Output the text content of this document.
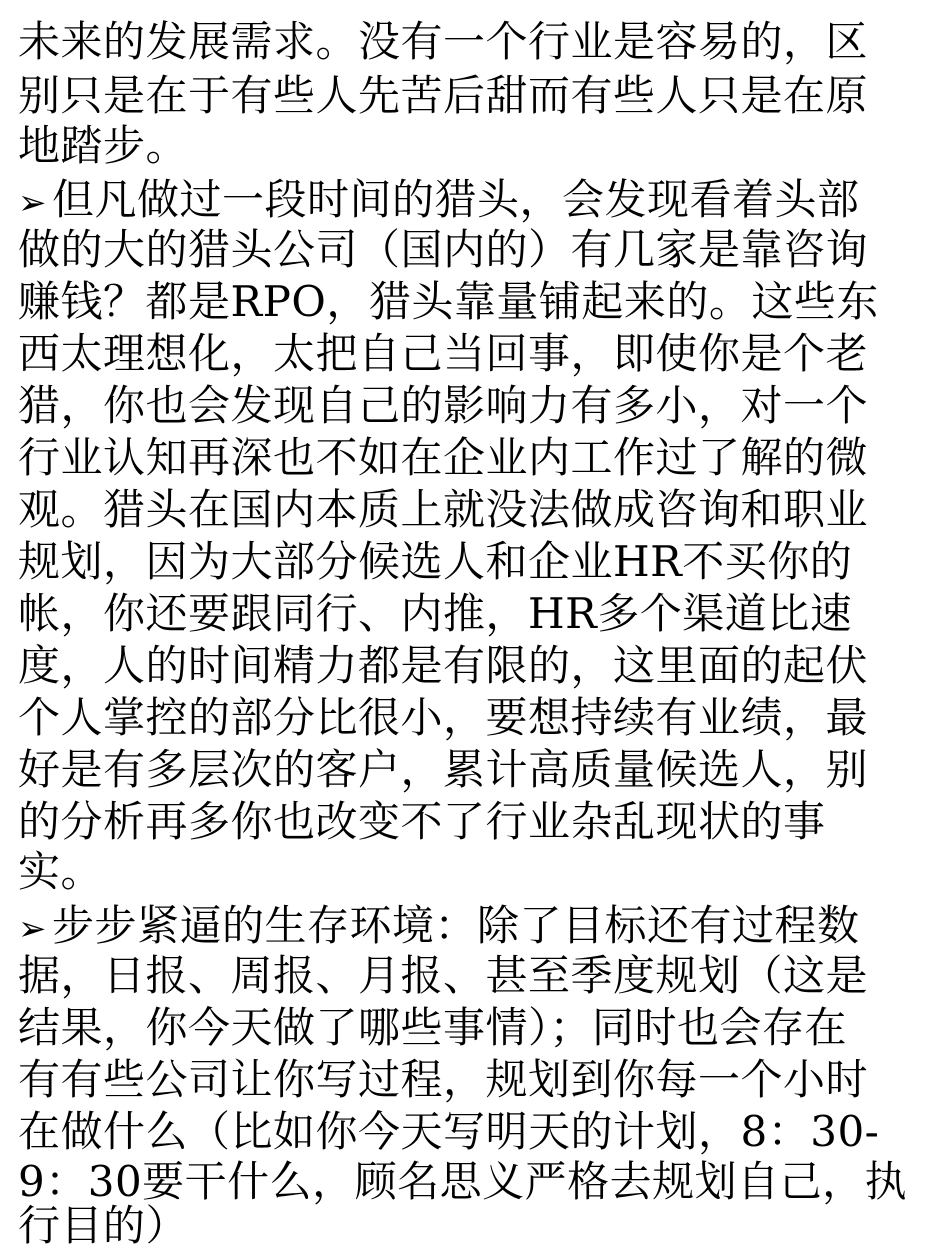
未来的发展需求。没有一个行业是容易的，区
别只是在于有些人先苦后甜而有些人只是在原
地踏步。
➢ 但凡做过一段时间的猎头，会发现看着头部
做的大的猎头公司（国内的）有几家是靠咨询
赚钱？都是RPO，猎头靠量铺起来的。这些东
西太理想化，太把自己当回事，即使你是个老
猎，你也会发现自己的影响力有多小，对一个
行业认知再深也不如在企业内工作过了解的微
观。猎头在国内本质上就没法做成咨询和职业
规划，因为大部分候选人和企业HR不买你的
帐，你还要跟同行、内推，HR多个渠道比速
度，人的时间精力都是有限的，这里面的起伏
个人掌控的部分比很小，要想持续有业绩，最
好是有多层次的客户，累计高质量候选人，别
的分析再多你也改变不了行业杂乱现状的事
实。
➢ 步步紧逼的生存环境：除了目标还有过程数
据，日报、周报、月报、甚至季度规划（这是
结果，你今天做了哪些事情）；同时也会存在
有有些公司让你写过程，规划到你每一个小时
在做什么（比如你今天写明天的计划，8：30-
9：30要干什么，顾名思义严格去规划自己，执
行目的）
